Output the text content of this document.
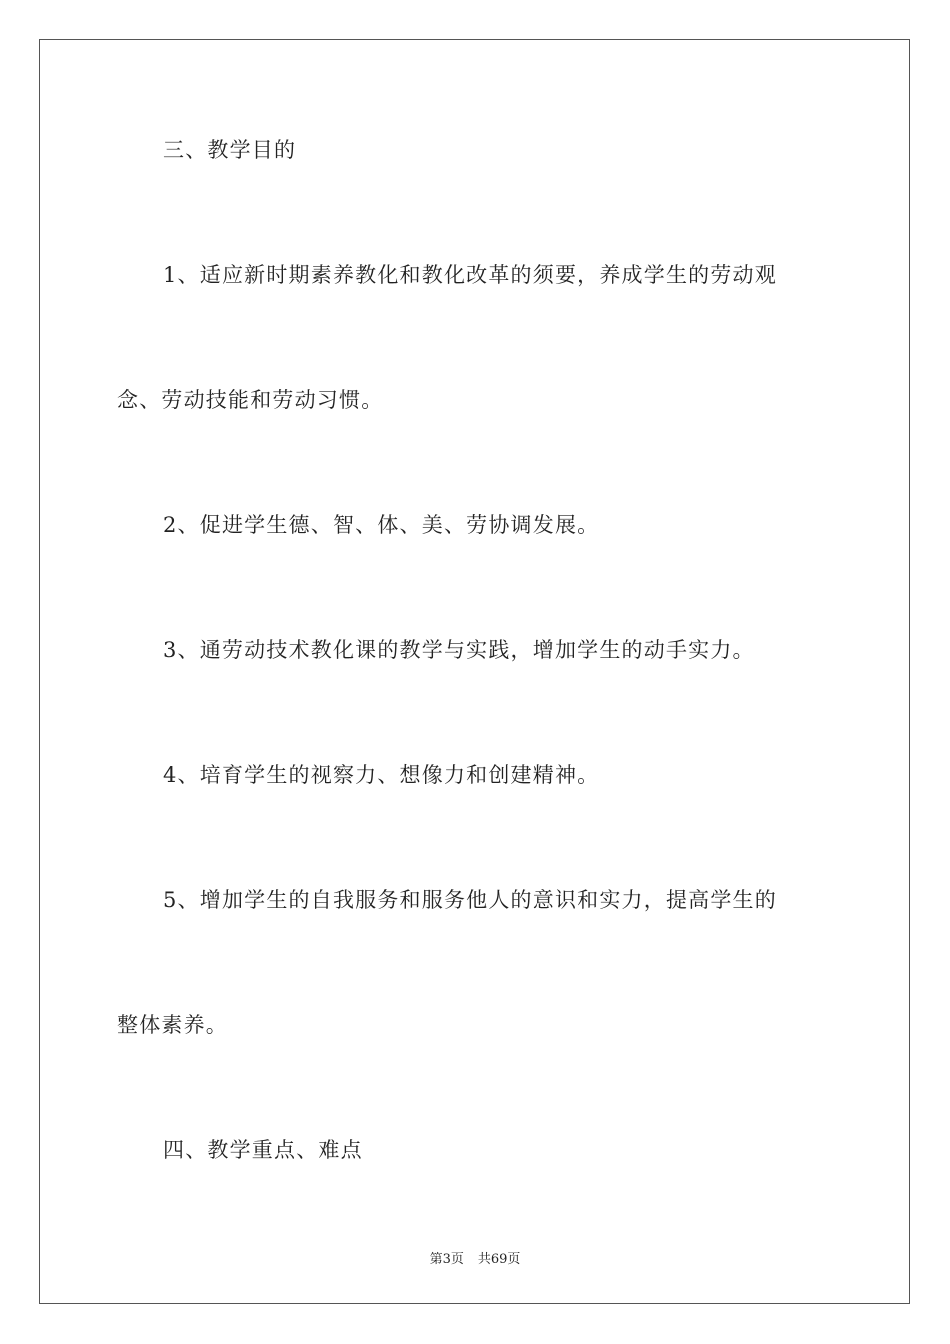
三、教学目的
1、适应新时期素养教化和教化改革的须要，养成学生的劳动观
念、劳动技能和劳动习惯。
2、促进学生德、智、体、美、劳协调发展。
3、通劳动技术教化课的教学与实践，增加学生的动手实力。
4、培育学生的视察力、想像力和创建精神。
5、增加学生的自我服务和服务他人的意识和实力，提高学生的
整体素养。
四、教学重点、难点
第3页 共69页
